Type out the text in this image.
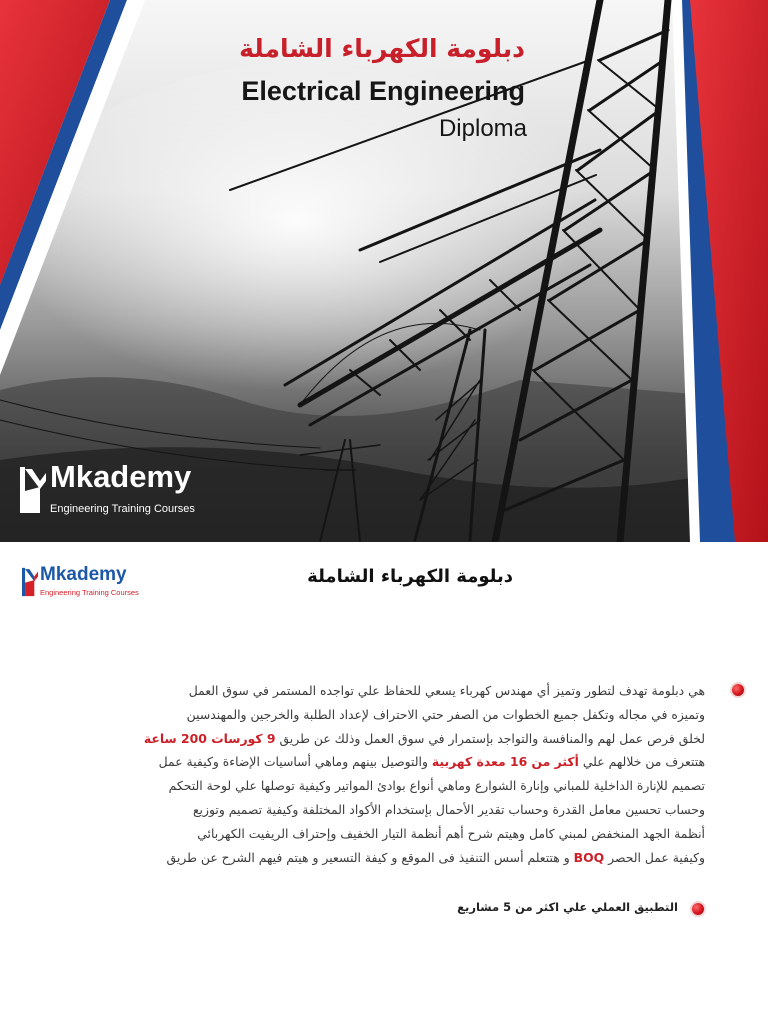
دبلومة الكهرباء الشاملة
Electrical Engineering
Diploma
Mkademy
Engineering Training Courses
Mkademy
Engineering Training Courses
دبلومة الكهرباء الشاملة
هي دبلومة تهدف لتطور وتميز أي مهندس كهرباء يسعي للحفاظ علي تواجده المستمر في سوق العمل
وتميزه في مجاله وتكفل جميع الخطوات من الصفر حتي الاحتراف لإعداد الطلبة والخرجين والمهندسين
لخلق فرص عمل لهم والمنافسة والتواجد بإستمرار في سوق العمل وذلك عن طريق 9 كورسات 200 ساعة
هتتعرف من خلالهم علي أكثر من 16 معدة كهربية والتوصيل بينهم وماهي أساسيات الإضاءة وكيفية عمل
تصميم للإنارة الداخلية للمباني وإنارة الشوارع وماهي أنواع بوادئ المواتير وكيفية توصلها علي لوحة التحكم
وحساب تحسين معامل القدرة وحساب تقدير الأحمال بإستخدام الأكواد المختلفة وكيفية تصميم وتوزيع
أنظمة الجهد المنخفض لمبني كامل وهيتم شرح أهم أنظمة التيار الخفيف وإحتراف الريفيت الكهربائي
وكيفية عمل الحصر BOQ و هتتعلم أسس التنفيذ فى الموقع و كيفة التسعير و هيتم فيهم الشرح عن طريق
التطبيق العملي علي اكثر من 5 مشاريع
